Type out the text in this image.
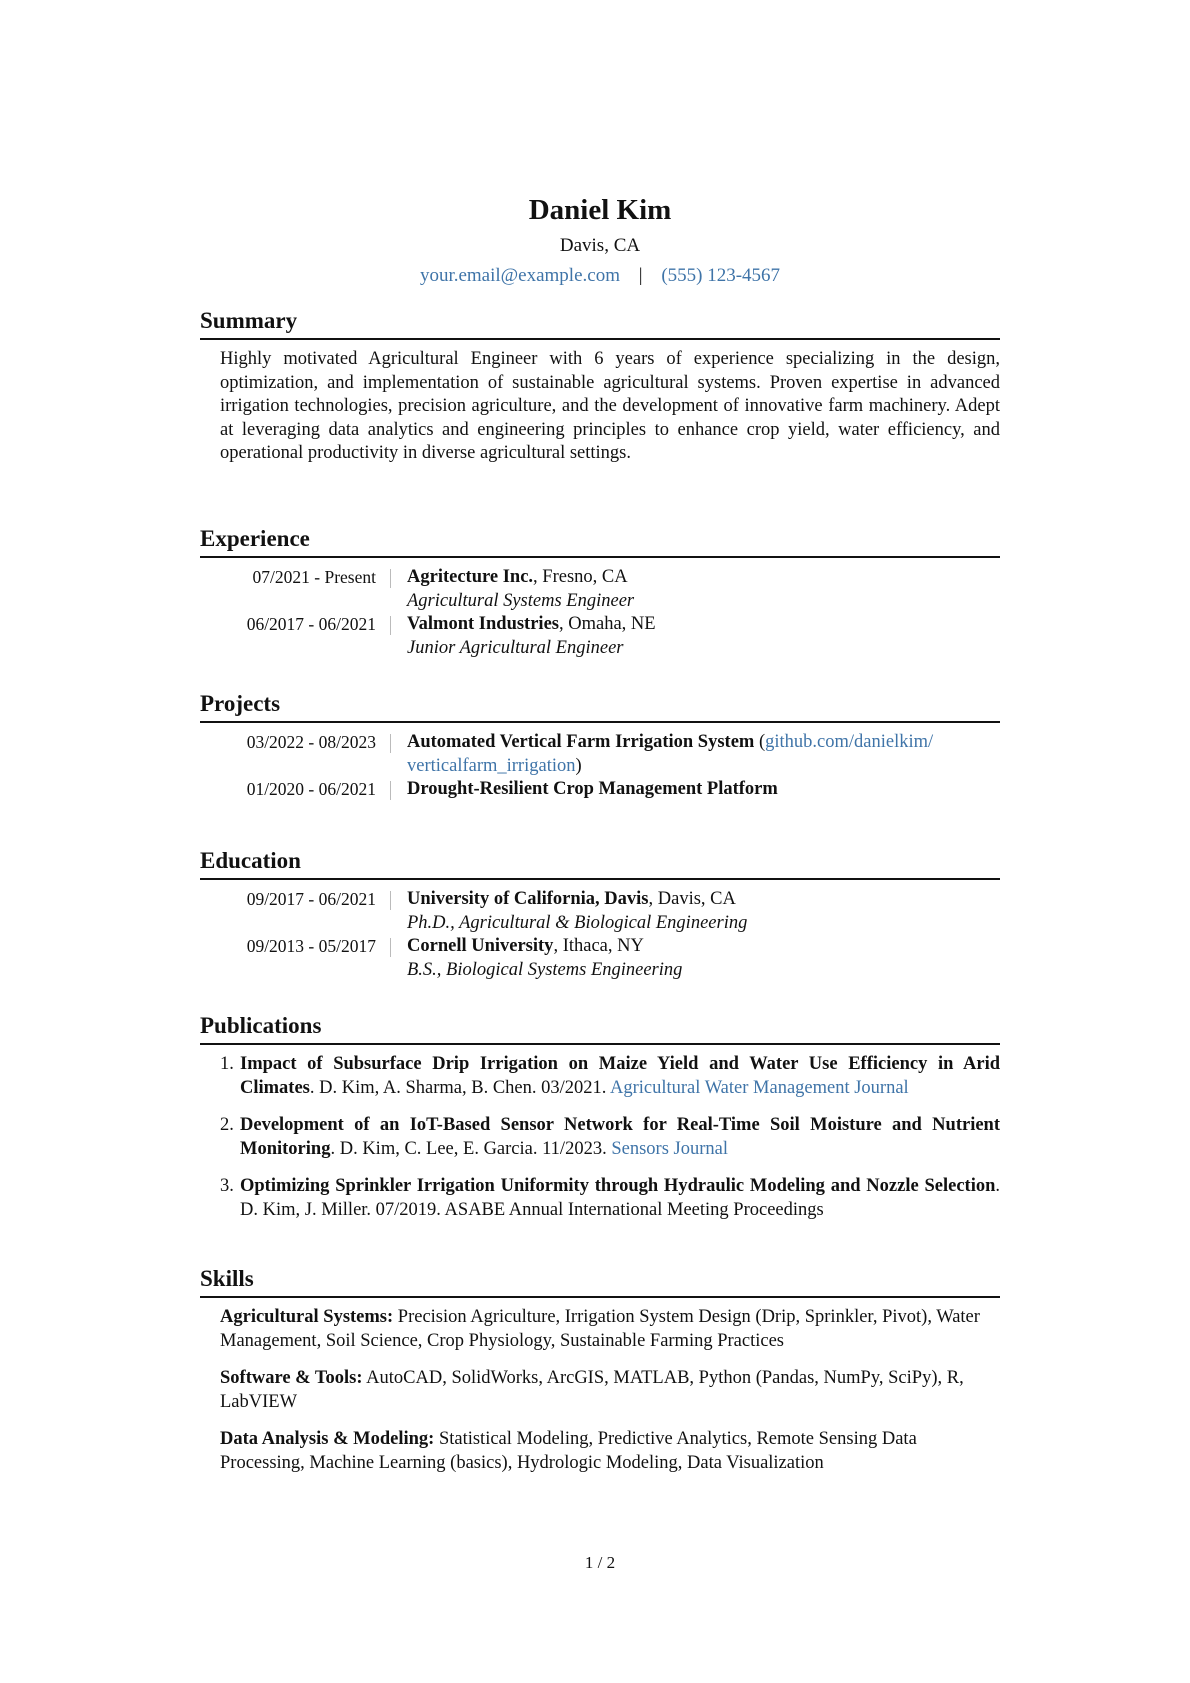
Daniel Kim
Davis, CA
your.email@example.com | (555) 123-4567
Summary
Highly motivated Agricultural Engineer with 6 years of experience specializing in the design, optimization, and implementation of sustainable agricultural systems. Proven expertise in advanced irrigation technologies, precision agriculture, and the development of innovative farm machinery. Adept at leveraging data analytics and engineering principles to enhance crop yield, water efficiency, and operational productivity in diverse agricultural settings.
Experience
07/2021 - Present	Agritecture Inc., Fresno, CA
Agricultural Systems Engineer
06/2017 - 06/2021	Valmont Industries, Omaha, NE
Junior Agricultural Engineer
Projects
03/2022 - 08/2023	Automated Vertical Farm Irrigation System (github.com/danielkim/ verticalfarm_irrigation)
01/2020 - 06/2021	Drought-Resilient Crop Management Platform
Education
09/2017 - 06/2021	University of California, Davis, Davis, CA
Ph.D., Agricultural & Biological Engineering
09/2013 - 05/2017	Cornell University, Ithaca, NY
B.S., Biological Systems Engineering
Publications
1. Impact of Subsurface Drip Irrigation on Maize Yield and Water Use Efficiency in Arid Climates. D. Kim, A. Sharma, B. Chen. 03/2021. Agricultural Water Management Journal
2. Development of an IoT-Based Sensor Network for Real-Time Soil Moisture and Nutrient Monitoring. D. Kim, C. Lee, E. Garcia. 11/2023. Sensors Journal
3. Optimizing Sprinkler Irrigation Uniformity through Hydraulic Modeling and Nozzle Selection. D. Kim, J. Miller. 07/2019. ASABE Annual International Meeting Proceedings
Skills
Agricultural Systems: Precision Agriculture, Irrigation System Design (Drip, Sprinkler, Pivot), Water Management, Soil Science, Crop Physiology, Sustainable Farming Practices
Software & Tools: AutoCAD, SolidWorks, ArcGIS, MATLAB, Python (Pandas, NumPy, SciPy), R, LabVIEW
Data Analysis & Modeling: Statistical Modeling, Predictive Analytics, Remote Sensing Data Processing, Machine Learning (basics), Hydrologic Modeling, Data Visualization
1 / 2
